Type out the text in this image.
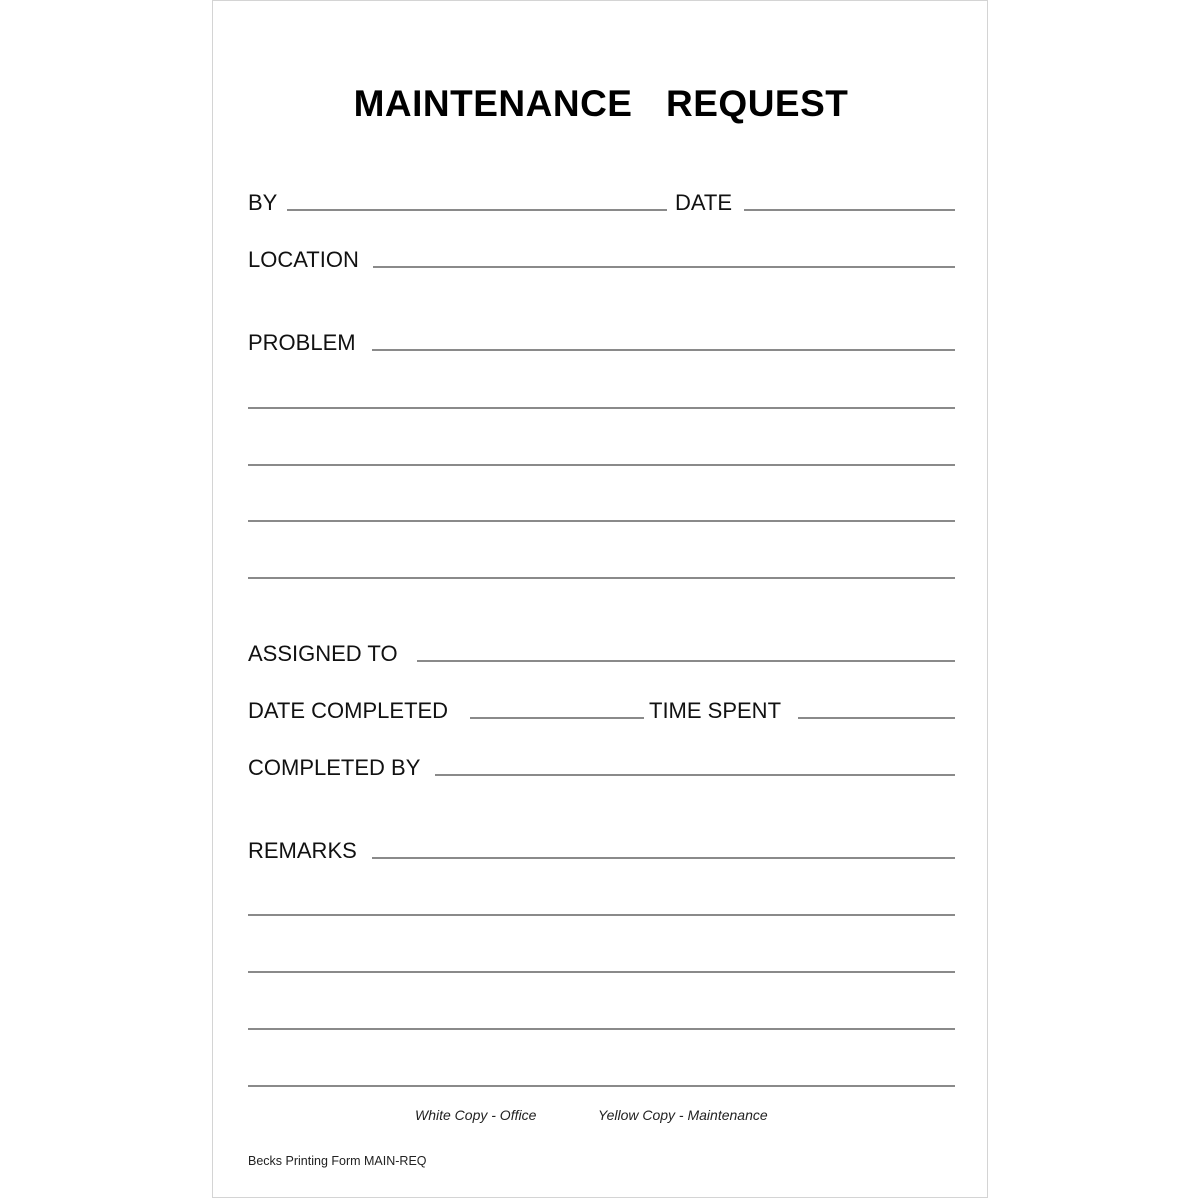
MAINTENANCE  REQUEST
BY	DATE
LOCATION
PROBLEM
ASSIGNED TO
DATE COMPLETED	TIME SPENT
COMPLETED BY
REMARKS
White Copy - Office	Yellow Copy - Maintenance
Becks Printing Form MAIN-REQ
